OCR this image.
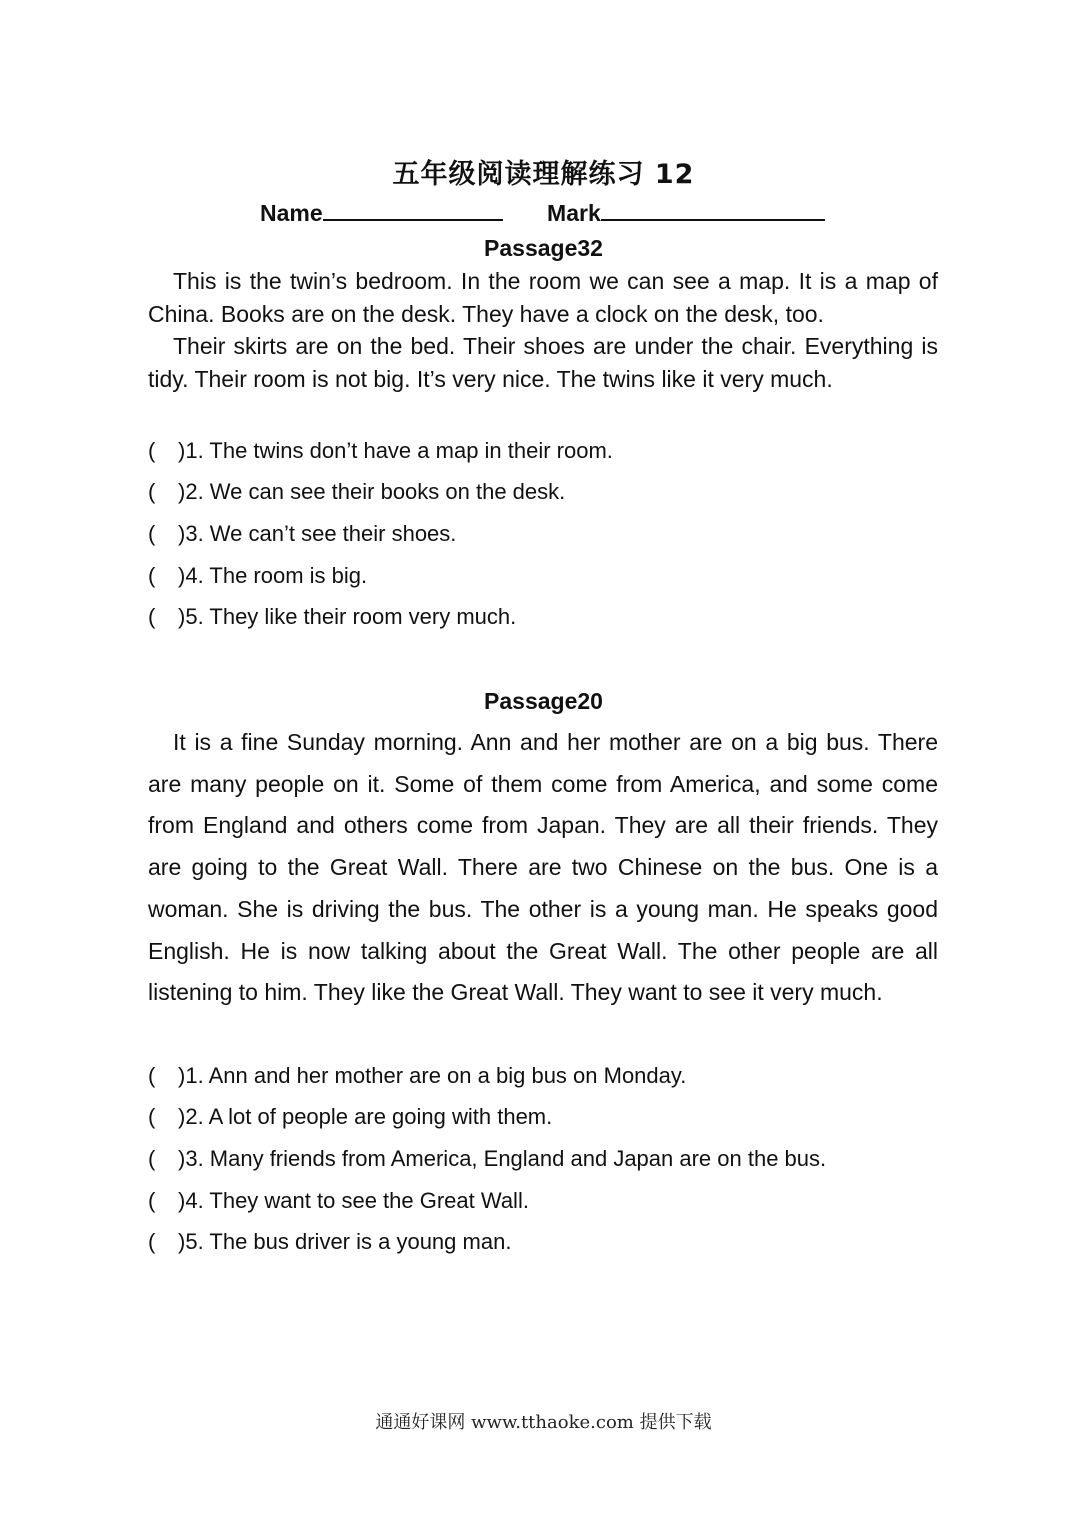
五年级阅读理解练习 12
Name	Mark
Passage32

This is the twin’s bedroom. In the room we can see a map. It is a map of China. Books are on the desk. They have a clock on the desk, too.

Their skirts are on the bed. Their shoes are under the chair. Everything is tidy. Their room is not big. It’s very nice. The twins like it very much.

( )1. The twins don’t have a map in their room.
( )2. We can see their books on the desk.
( )3. We can’t see their shoes.
( )4. The room is big.
( )5. They like their room very much.
Passage20

It is a fine Sunday morning. Ann and her mother are on a big bus. There are many people on it. Some of them come from America, and some come from England and others come from Japan. They are all their friends. They are going to the Great Wall. There are two Chinese on the bus. One is a woman. She is driving the bus. The other is a young man. He speaks good English. He is now talking about the Great Wall. The other people are all listening to him. They like the Great Wall. They want to see it very much.

( )1. Ann and her mother are on a big bus on Monday.
( )2. A lot of people are going with them.
( )3. Many friends from America, England and Japan are on the bus.
( )4. They want to see the Great Wall.
( )5. The bus driver is a young man.
通通好课网 www.tthaoke.com 提供下载
